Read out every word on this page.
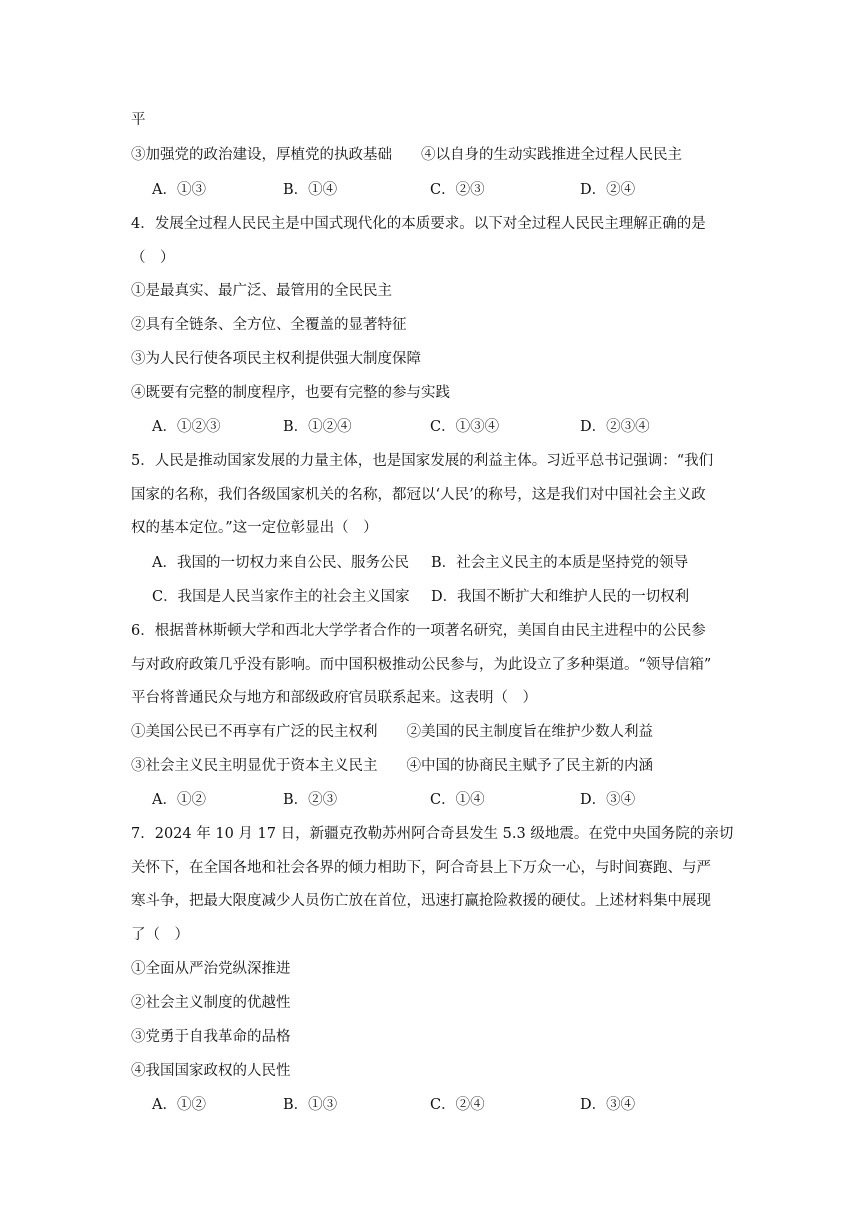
平
③加强党的政治建设，厚植党的执政基础　　④以自身的生动实践推进全过程人民民主
A．①③	B．①④	C．②③	D．②④
4．发展全过程人民民主是中国式现代化的本质要求。以下对全过程人民民主理解正确的是
（　）
①是最真实、最广泛、最管用的全民民主
②具有全链条、全方位、全覆盖的显著特征
③为人民行使各项民主权利提供强大制度保障
④既要有完整的制度程序，也要有完整的参与实践
A．①②③	B．①②④	C．①③④	D．②③④
5．人民是推动国家发展的力量主体，也是国家发展的利益主体。习近平总书记强调：“我们
国家的名称，我们各级国家机关的名称，都冠以‘人民’的称号，这是我们对中国社会主义政
权的基本定位。”这一定位彰显出（　）
A．我国的一切权力来自公民、服务公民 B．社会主义民主的本质是坚持党的领导
C．我国是人民当家作主的社会主义国家 D．我国不断扩大和维护人民的一切权利
6．根据普林斯顿大学和西北大学学者合作的一项著名研究，美国自由民主进程中的公民参
与对政府政策几乎没有影响。而中国积极推动公民参与，为此设立了多种渠道。“领导信箱”
平台将普通民众与地方和部级政府官员联系起来。这表明（　）
①美国公民已不再享有广泛的民主权利　　②美国的民主制度旨在维护少数人利益
③社会主义民主明显优于资本主义民主　　④中国的协商民主赋予了民主新的内涵
A．①②	B．②③	C．①④	D．③④
7．2024 年 10 月 17 日，新疆克孜勒苏州阿合奇县发生 5.3 级地震。在党中央国务院的亲切
关怀下，在全国各地和社会各界的倾力相助下，阿合奇县上下万众一心，与时间赛跑、与严
寒斗争，把最大限度减少人员伤亡放在首位，迅速打赢抢险救援的硬仗。上述材料集中展现
了（　）
①全面从严治党纵深推进
②社会主义制度的优越性
③党勇于自我革命的品格
④我国国家政权的人民性
A．①②	B．①③	C．②④	D．③④
